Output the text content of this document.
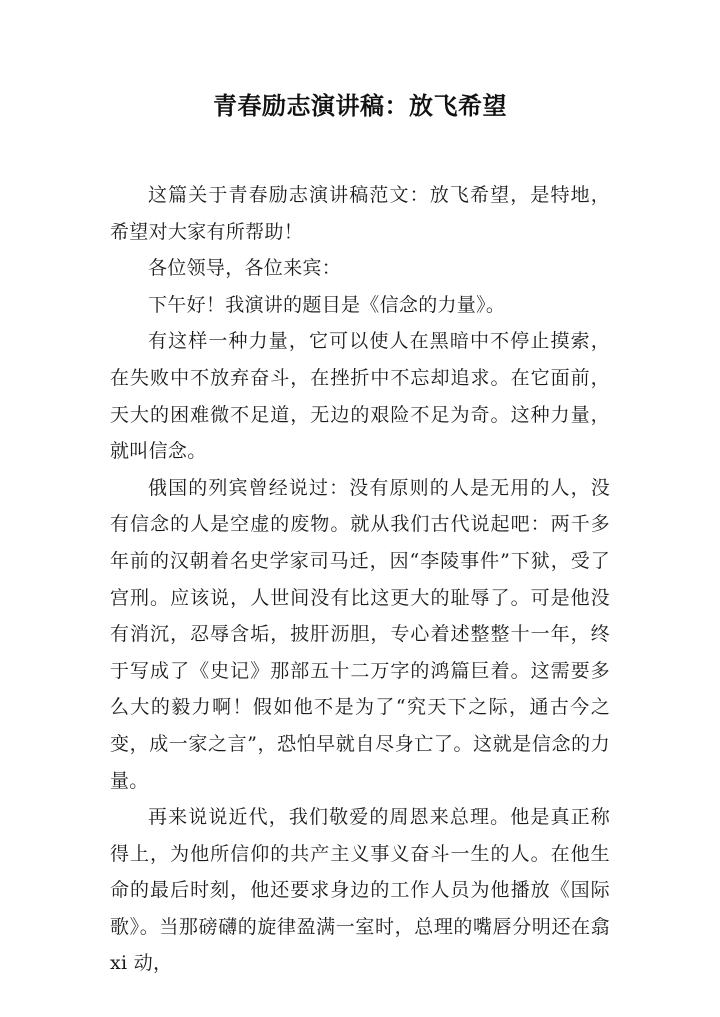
青春励志演讲稿：放飞希望

这篇关于青春励志演讲稿范文：放飞希望，是特地，希望对大家有所帮助！

各位领导，各位来宾：

下午好！我演讲的题目是《信念的力量》。

有这样一种力量，它可以使人在黑暗中不停止摸索，在失败中不放弃奋斗，在挫折中不忘却追求。在它面前，天大的困难微不足道，无边的艰险不足为奇。这种力量，就叫信念。

俄国的列宾曾经说过：没有原则的人是无用的人，没有信念的人是空虚的废物。就从我们古代说起吧：两千多年前的汉朝着名史学家司马迁，因“李陵事件”下狱，受了宫刑。应该说，人世间没有比这更大的耻辱了。可是他没有消沉，忍辱含垢，披肝沥胆，专心着述整整十一年，终于写成了《史记》那部五十二万字的鸿篇巨着。这需要多么大的毅力啊！假如他不是为了“究天下之际，通古今之变，成一家之言”，恐怕早就自尽身亡了。这就是信念的力量。

再来说说近代，我们敬爱的周恩来总理。他是真正称得上，为他所信仰的共产主义事义奋斗一生的人。在他生命的最后时刻，他还要求身边的工作人员为他播放《国际歌》。当那磅礴的旋律盈满一室时，总理的嘴唇分明还在翕 xi 动，
